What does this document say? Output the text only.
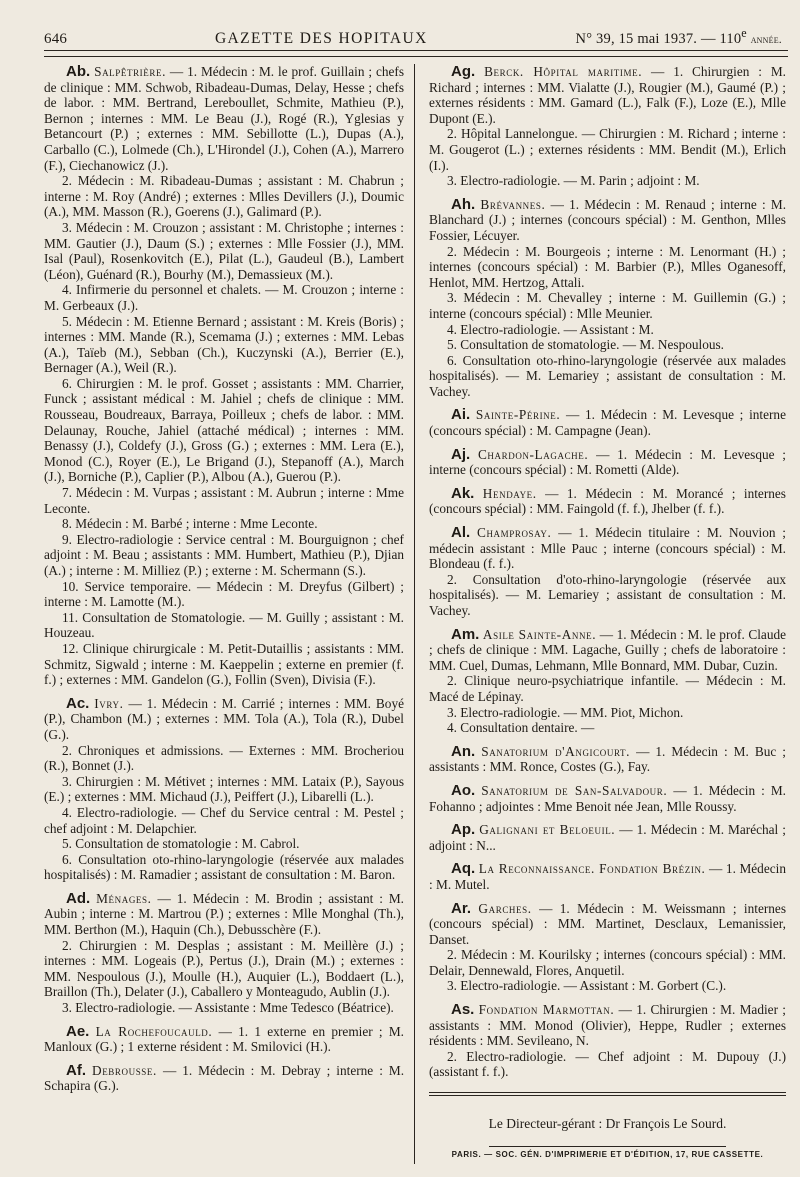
646	GAZETTE DES HOPITAUX	N° 39, 15 mai 1937. — 110e année.

Ab. Salpêtrière. — 1. Médecin : M. le prof. Guillain ; chefs de clinique : MM. Schwob, Ribadeau-Dumas, Delay, Hesse ; chefs de labor. : MM. Bertrand, Lereboullet, Schmite, Mathieu (P.), Bernon ; internes : MM. Le Beau (J.), Rogé (R.), Yglesias y Betancourt (P.) ; externes : MM. Sebillotte (L.), Dupas (A.), Carballo (C.), Lolmede (Ch.), L'Hirondel (J.), Cohen (A.), Marrero (F.), Ciechanowicz (J.).

2. Médecin : M. Ribadeau-Dumas ; assistant : M. Chabrun ; interne : M. Roy (André) ; externes : Mlles Devillers (J.), Doumic (A.), MM. Masson (R.), Goerens (J.), Galimard (P.).

3. Médecin : M. Crouzon ; assistant : M. Christophe ; internes : MM. Gautier (J.), Daum (S.) ; externes : Mlle Fossier (J.), MM. Isal (Paul), Rosenkovitch (E.), Pilat (L.), Gaudeul (B.), Lambert (Léon), Guénard (R.), Bourhy (M.), Demassieux (M.).

4. Infirmerie du personnel et chalets. — M. Crouzon ; interne : M. Gerbeaux (J.).

5. Médecin : M. Etienne Bernard ; assistant : M. Kreis (Boris) ; internes : MM. Mande (R.), Scemama (J.) ; externes : MM. Lebas (A.), Taïeb (M.), Sebban (Ch.), Kuczynski (A.), Berrier (E.), Bernager (A.), Weil (R.).

6. Chirurgien : M. le prof. Gosset ; assistants : MM. Charrier, Funck ; assistant médical : M. Jahiel ; chefs de clinique : MM. Rousseau, Boudreaux, Barraya, Poilleux ; chefs de labor. : MM. Delaunay, Rouche, Jahiel (attaché médical) ; internes : MM. Benassy (J.), Coldefy (J.), Gross (G.) ; externes : MM. Lera (E.), Monod (C.), Royer (E.), Le Brigand (J.), Stepanoff (A.), March (J.), Borniche (P.), Caplier (P.), Albou (A.), Guerou (P.).

7. Médecin : M. Vurpas ; assistant : M. Aubrun ; interne : Mme Leconte.

8. Médecin : M. Barbé ; interne : Mme Leconte.

9. Electro-radiologie : Service central : M. Bourguignon ; chef adjoint : M. Beau ; assistants : MM. Humbert, Mathieu (P.), Djian (A.) ; interne : M. Milliez (P.) ; externe : M. Schermann (S.).

10. Service temporaire. — Médecin : M. Dreyfus (Gilbert) ; interne : M. Lamotte (M.).

11. Consultation de Stomatologie. — M. Guilly ; assistant : M. Houzeau.

12. Clinique chirurgicale : M. Petit-Dutaillis ; assistants : MM. Schmitz, Sigwald ; interne : M. Kaeppelin ; externe en premier (f. f.) ; externes : MM. Gandelon (G.), Follin (Sven), Divisia (F.).

Ac. Ivry. — 1. Médecin : M. Carrié ; internes : MM. Boyé (P.), Chambon (M.) ; externes : MM. Tola (A.), Tola (R.), Dubel (G.).

2. Chroniques et admissions. — Externes : MM. Brocheriou (R.), Bonnet (J.).

3. Chirurgien : M. Métivet ; internes : MM. Lataix (P.), Sayous (E.) ; externes : MM. Michaud (J.), Peiffert (J.), Libarelli (L.).

4. Electro-radiologie. — Chef du Service central : M. Pestel ; chef adjoint : M. Delapchier.

5. Consultation de stomatologie : M. Cabrol.

6. Consultation oto-rhino-laryngologie (réservée aux malades hospitalisés) : M. Ramadier ; assistant de consultation : M. Baron.

Ad. Ménages. — 1. Médecin : M. Brodin ; assistant : M. Aubin ; interne : M. Martrou (P.) ; externes : Mlle Monghal (Th.), MM. Berthon (M.), Haquin (Ch.), Debusschère (F.).

2. Chirurgien : M. Desplas ; assistant : M. Meillère (J.) ; internes : MM. Logeais (P.), Pertus (J.), Drain (M.) ; externes : MM. Nespoulous (J.), Moulle (H.), Auquier (L.), Boddaert (L.), Braillon (Th.), Delater (J.), Caballero y Monteagudo, Aublin (J.).

3. Electro-radiologie. — Assistante : Mme Tedesco (Béatrice).

Ae. La Rochefoucauld. — 1. 1 externe en premier ; M. Manloux (G.) ; 1 externe résident : M. Smilovici (H.).

Af. Debrousse. — 1. Médecin : M. Debray ; interne : M. Schapira (G.).

Ag. Berck. Hôpital maritime. — 1. Chirurgien : M. Richard ; internes : MM. Vialatte (J.), Rougier (M.), Gaumé (P.) ; externes résidents : MM. Gamard (L.), Falk (F.), Loze (E.), Mlle Dupont (E.).

2. Hôpital Lannelongue. — Chirurgien : M. Richard ; interne : M. Gougerot (L.) ; externes résidents : MM. Bendit (M.), Erlich (I.).

3. Electro-radiologie. — M. Parin ; adjoint : M.

Ah. Brévannes. — 1. Médecin : M. Renaud ; interne : M. Blanchard (J.) ; internes (concours spécial) : M. Genthon, Mlles Fossier, Lécuyer.

2. Médecin : M. Bourgeois ; interne : M. Lenormant (H.) ; internes (concours spécial) : M. Barbier (P.), Mlles Oganesoff, Henlot, MM. Hertzog, Attali.

3. Médecin : M. Chevalley ; interne : M. Guillemin (G.) ; interne (concours spécial) : Mlle Meunier.

4. Electro-radiologie. — Assistant : M.

5. Consultation de stomatologie. — M. Nespoulous.

6. Consultation oto-rhino-laryngologie (réservée aux malades hospitalisés). — M. Lemariey ; assistant de consultation : M. Vachey.

Ai. Sainte-Périne. — 1. Médecin : M. Levesque ; interne (concours spécial) : M. Campagne (Jean).

Aj. Chardon-Lagache. — 1. Médecin : M. Levesque ; interne (concours spécial) : M. Rometti (Alde).

Ak. Hendaye. — 1. Médecin : M. Morancé ; internes (concours spécial) : MM. Faingold (f. f.), Jhelber (f. f.).

Al. Champrosay. — 1. Médecin titulaire : M. Nouvion ; médecin assistant : Mlle Pauc ; interne (concours spécial) : M. Blondeau (f. f.).

2. Consultation d'oto-rhino-laryngologie (réservée aux hospitalisés). — M. Lemariey ; assistant de consultation : M. Vachey.

Am. Asile Sainte-Anne. — 1. Médecin : M. le prof. Claude ; chefs de clinique : MM. Lagache, Guilly ; chefs de laboratoire : MM. Cuel, Dumas, Lehmann, Mlle Bonnard, MM. Dubar, Cuzin.

2. Clinique neuro-psychiatrique infantile. — Médecin : M. Macé de Lépinay.

3. Electro-radiologie. — MM. Piot, Michon.

4. Consultation dentaire. —

An. Sanatorium d'Angicourt. — 1. Médecin : M. Buc ; assistants : MM. Ronce, Costes (G.), Fay.

Ao. Sanatorium de San-Salvadour. — 1. Médecin : M. Fohanno ; adjointes : Mme Benoit née Jean, Mlle Roussy.

Ap. Galignani et Beloeuil. — 1. Médecin : M. Maréchal ; adjoint : N...

Aq. La Reconnaissance. Fondation Brézin. — 1. Médecin : M. Mutel.

Ar. Garches. — 1. Médecin : M. Weissmann ; internes (concours spécial) : MM. Martinet, Desclaux, Lemanissier, Danset.

2. Médecin : M. Kourilsky ; internes (concours spécial) : MM. Delair, Dennewald, Flores, Anquetil.

3. Electro-radiologie. — Assistant : M. Gorbert (C.).

As. Fondation Marmottan. — 1. Chirurgien : M. Madier ; assistants : MM. Monod (Olivier), Heppe, Rudler ; externes résidents : MM. Sevileano, N.

2. Electro-radiologie. — Chef adjoint : M. Dupouy (J.) (assistant f. f.).

Le Directeur-gérant : Dr François Le Sourd.
PARIS. — SOC. GÉN. D'IMPRIMERIE ET D'ÉDITION, 17, RUE CASSETTE.
